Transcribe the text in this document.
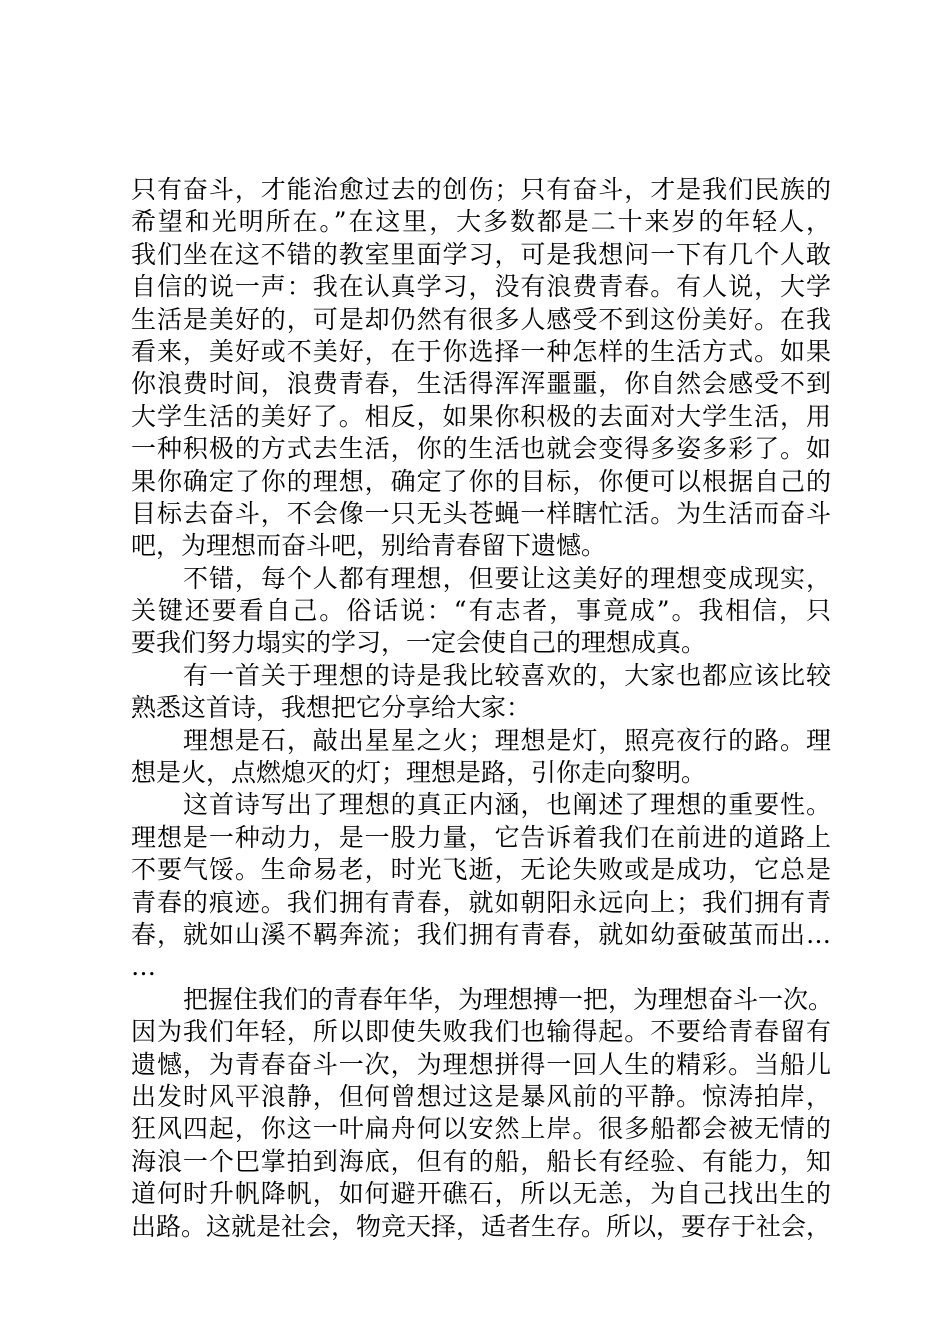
只有奋斗，才能治愈过去的创伤；只有奋斗，才是我们民族的
希望和光明所在。”在这里，大多数都是二十来岁的年轻人，
我们坐在这不错的教室里面学习，可是我想问一下有几个人敢
自信的说一声：我在认真学习，没有浪费青春。有人说，大学
生活是美好的，可是却仍然有很多人感受不到这份美好。在我
看来，美好或不美好，在于你选择一种怎样的生活方式。如果
你浪费时间，浪费青春，生活得浑浑噩噩，你自然会感受不到
大学生活的美好了。相反，如果你积极的去面对大学生活，用
一种积极的方式去生活，你的生活也就会变得多姿多彩了。如
果你确定了你的理想，确定了你的目标，你便可以根据自己的
目标去奋斗，不会像一只无头苍蝇一样瞎忙活。为生活而奋斗
吧，为理想而奋斗吧，别给青春留下遗憾。
不错，每个人都有理想，但要让这美好的理想变成现实，
关键还要看自己。俗话说：“有志者，事竟成”。我相信，只
要我们努力塌实的学习，一定会使自己的理想成真。
有一首关于理想的诗是我比较喜欢的，大家也都应该比较
熟悉这首诗，我想把它分享给大家：
理想是石，敲出星星之火；理想是灯，照亮夜行的路。理
想是火，点燃熄灭的灯；理想是路，引你走向黎明。
这首诗写出了理想的真正内涵，也阐述了理想的重要性。
理想是一种动力，是一股力量，它告诉着我们在前进的道路上
不要气馁。生命易老，时光飞逝，无论失败或是成功，它总是
青春的痕迹。我们拥有青春，就如朝阳永远向上；我们拥有青
春，就如山溪不羁奔流；我们拥有青春，就如幼蚕破茧而出…
…
把握住我们的青春年华，为理想搏一把，为理想奋斗一次。
因为我们年轻，所以即使失败我们也输得起。不要给青春留有
遗憾，为青春奋斗一次，为理想拼得一回人生的精彩。当船儿
出发时风平浪静，但何曾想过这是暴风前的平静。惊涛拍岸，
狂风四起，你这一叶扁舟何以安然上岸。很多船都会被无情的
海浪一个巴掌拍到海底，但有的船，船长有经验、有能力，知
道何时升帆降帆，如何避开礁石，所以无恙，为自己找出生的
出路。这就是社会，物竞天择，适者生存。所以，要存于社会，
